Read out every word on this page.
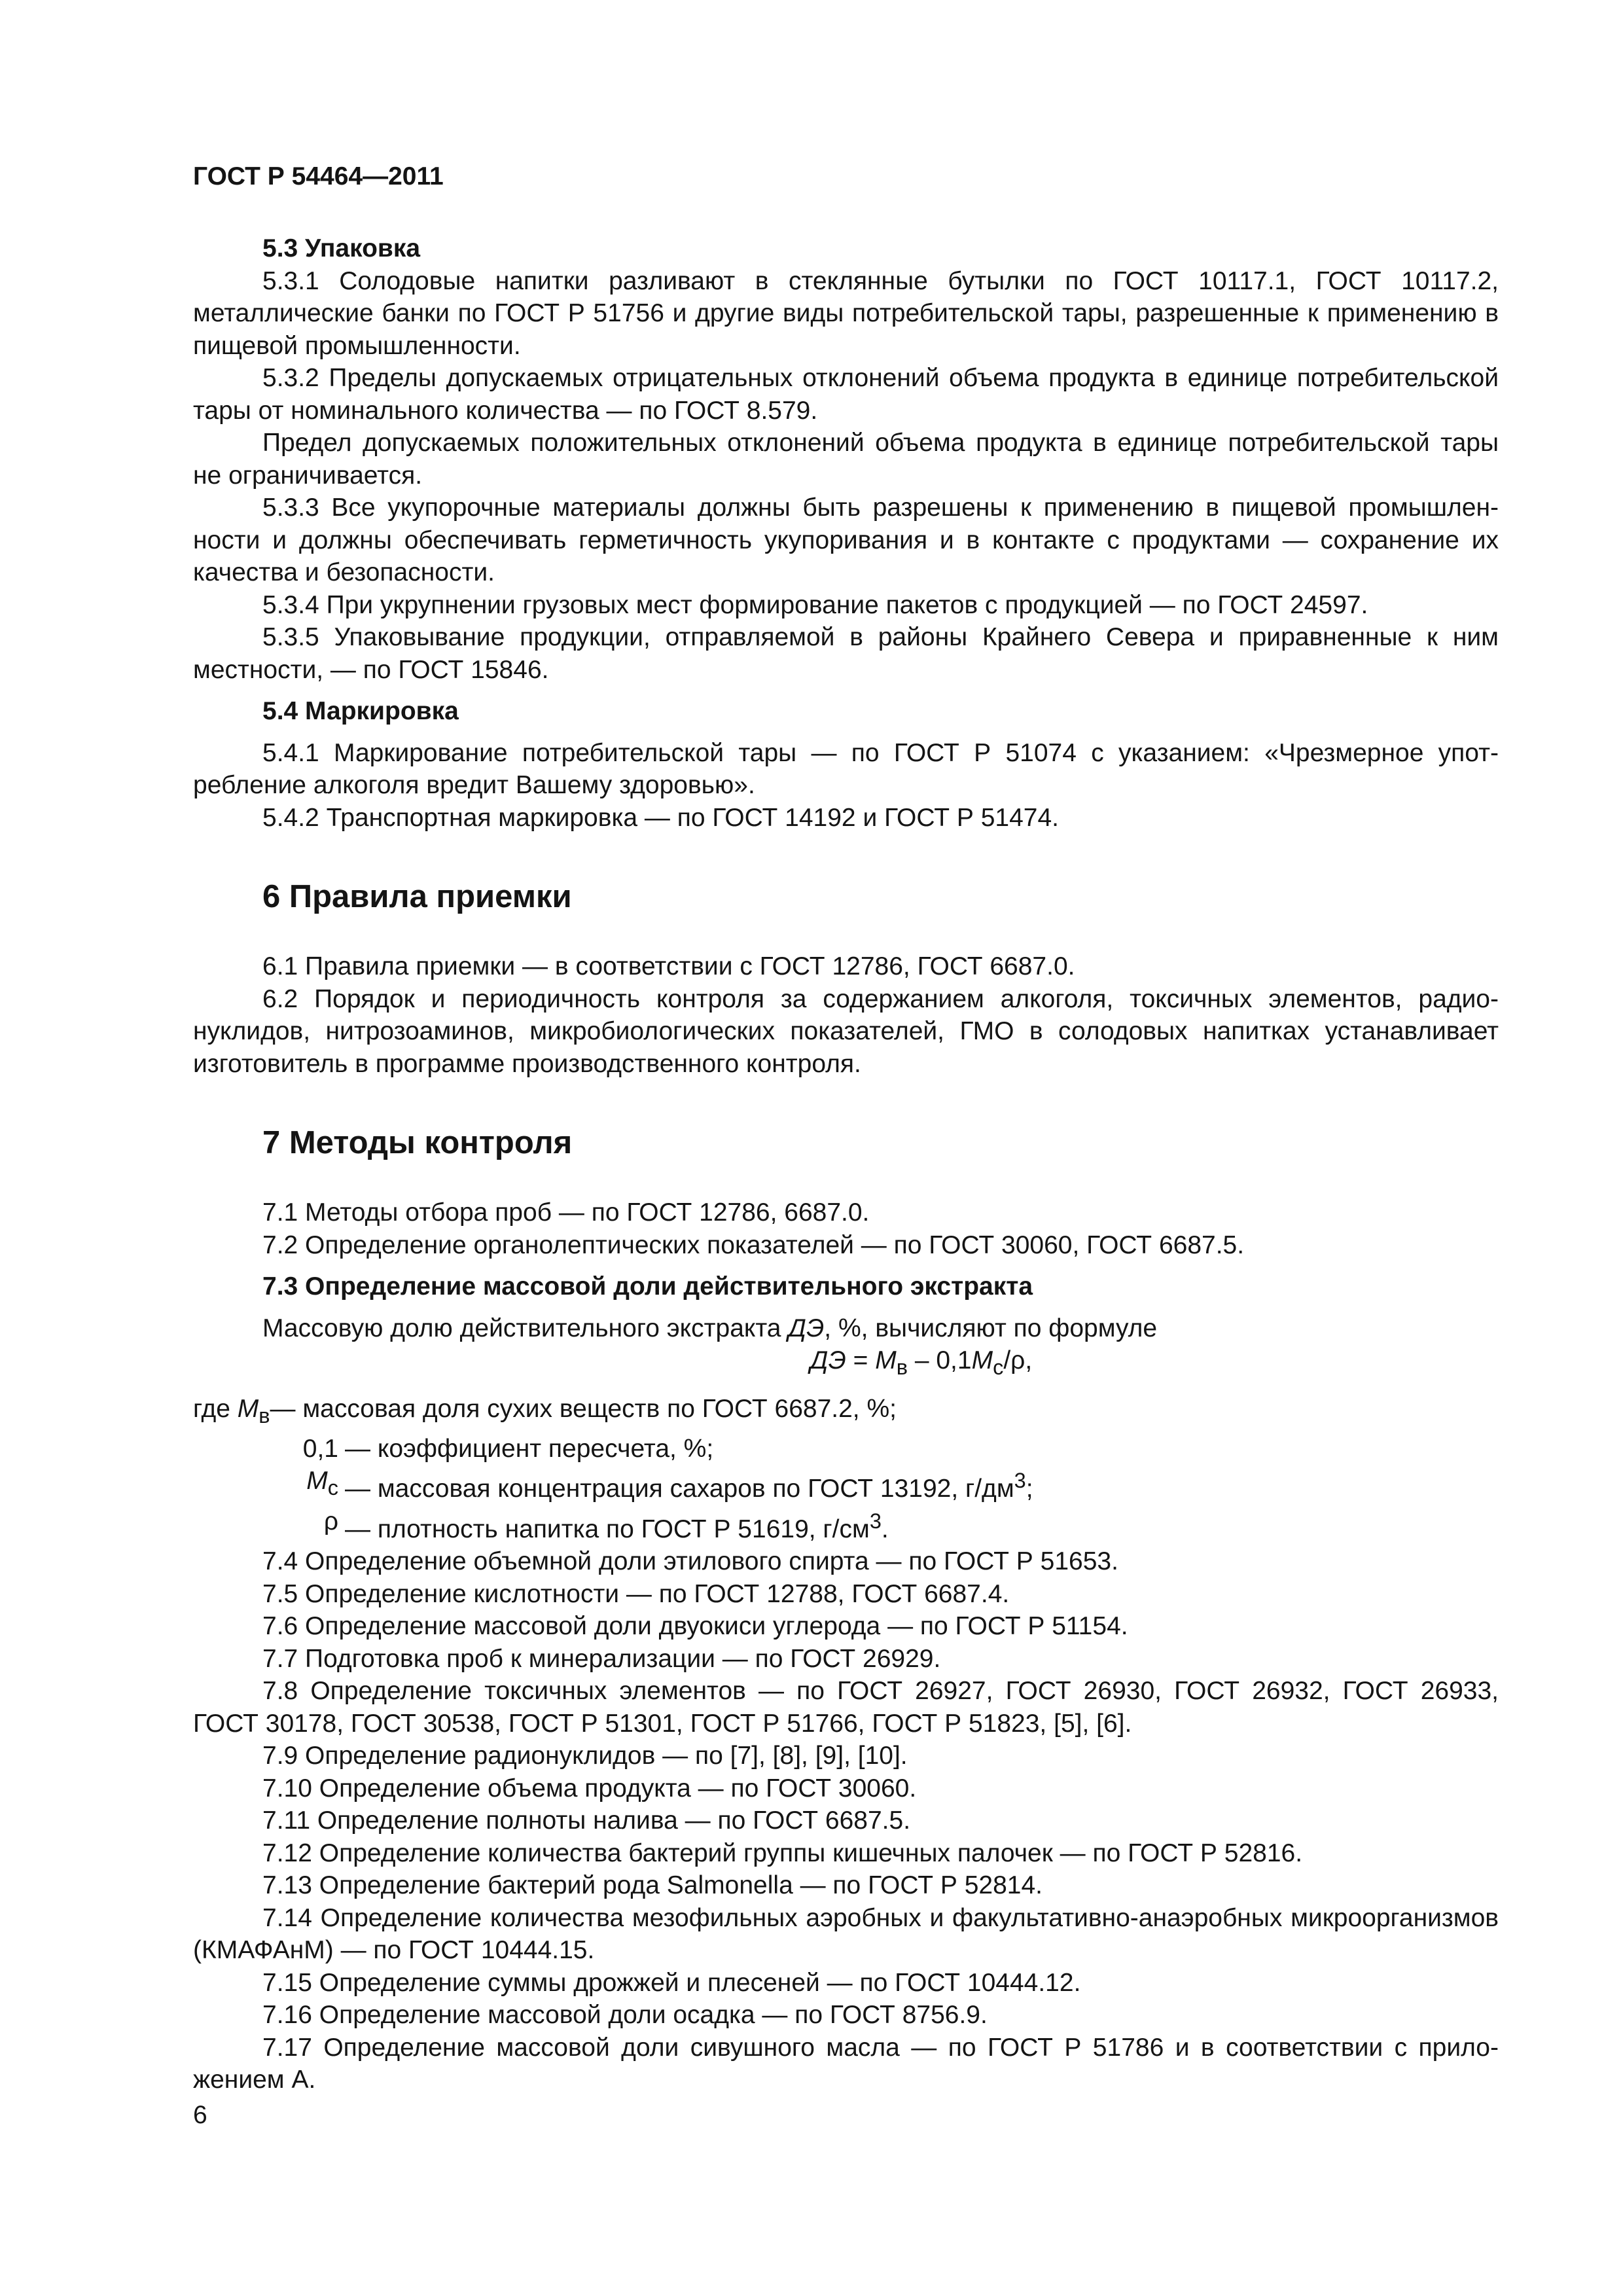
ГОСТ Р 54464—2011

5.3 Упаковка

5.3.1 Солодовые напитки разливают в стеклянные бутылки по ГОСТ 10117.1, ГОСТ 10117.2, металлические банки по ГОСТ Р 51756 и другие виды потребительской тары, разрешенные к применению в пищевой промышленности.

5.3.2 Пределы допускаемых отрицательных отклонений объема продукта в единице потребительской тары от номинального количества — по ГОСТ 8.579.

Предел допускаемых положительных отклонений объема продукта в единице потребительской тары не ограничивается.

5.3.3 Все укупорочные материалы должны быть разрешены к применению в пищевой промышленности и должны обеспечивать герметичность укупоривания и в контакте с продуктами — сохранение их качества и безопасности.

5.3.4 При укрупнении грузовых мест формирование пакетов с продукцией — по ГОСТ 24597.

5.3.5 Упаковывание продукции, отправляемой в районы Крайнего Севера и приравненные к ним местности, — по ГОСТ 15846.

5.4 Маркировка

5.4.1 Маркирование потребительской тары — по ГОСТ Р 51074 с указанием: «Чрезмерное употребление алкоголя вредит Вашему здоровью».

5.4.2 Транспортная маркировка — по ГОСТ 14192 и ГОСТ Р 51474.

6 Правила приемки

6.1 Правила приемки — в соответствии с ГОСТ 12786, ГОСТ 6687.0.

6.2 Порядок и периодичность контроля за содержанием алкоголя, токсичных элементов, радионуклидов, нитрозоаминов, микробиологических показателей, ГМО в солодовых напитках устанавливает изготовитель в программе производственного контроля.

7 Методы контроля

7.1 Методы отбора проб — по ГОСТ 12786, 6687.0.

7.2 Определение органолептических показателей — по ГОСТ 30060, ГОСТ 6687.5.

7.3 Определение массовой доли действительного экстракта

Массовую долю действительного экстракта ДЭ, %, вычисляют по формуле

ДЭ = $М_в - 0,1М_с/\rho$,

где $М_в$ — массовая доля сухих веществ по ГОСТ 6687.2, %;
0,1 — коэффициент пересчета, %;
$М_с$ — массовая концентрация сахаров по ГОСТ 13192, $г/дм^3$;
ρ — плотность напитка по ГОСТ Р 51619, $г/см^3$.

7.4 Определение объемной доли этилового спирта — по ГОСТ Р 51653.

7.5 Определение кислотности — по ГОСТ 12788, ГОСТ 6687.4.

7.6 Определение массовой доли двуокиси углерода — по ГОСТ Р 51154.

7.7 Подготовка проб к минерализации — по ГОСТ 26929.

7.8 Определение токсичных элементов — по ГОСТ 26927, ГОСТ 26930, ГОСТ 26932, ГОСТ 26933, ГОСТ 30178, ГОСТ 30538, ГОСТ Р 51301, ГОСТ Р 51766, ГОСТ Р 51823, [5], [6].

7.9 Определение радионуклидов — по [7], [8], [9], [10].

7.10 Определение объема продукта — по ГОСТ 30060.

7.11 Определение полноты налива — по ГОСТ 6687.5.

7.12 Определение количества бактерий группы кишечных палочек — по ГОСТ Р 52816.

7.13 Определение бактерий рода Salmonella — по ГОСТ Р 52814.

7.14 Определение количества мезофильных аэробных и факультативно-анаэробных микроорганизмов (КМАФАнМ) — по ГОСТ 10444.15.

7.15 Определение суммы дрожжей и плесеней — по ГОСТ 10444.12.

7.16 Определение массовой доли осадка — по ГОСТ 8756.9.

7.17 Определение массовой доли сивушного масла — по ГОСТ Р 51786 и в соответствии с приложением А.

6
